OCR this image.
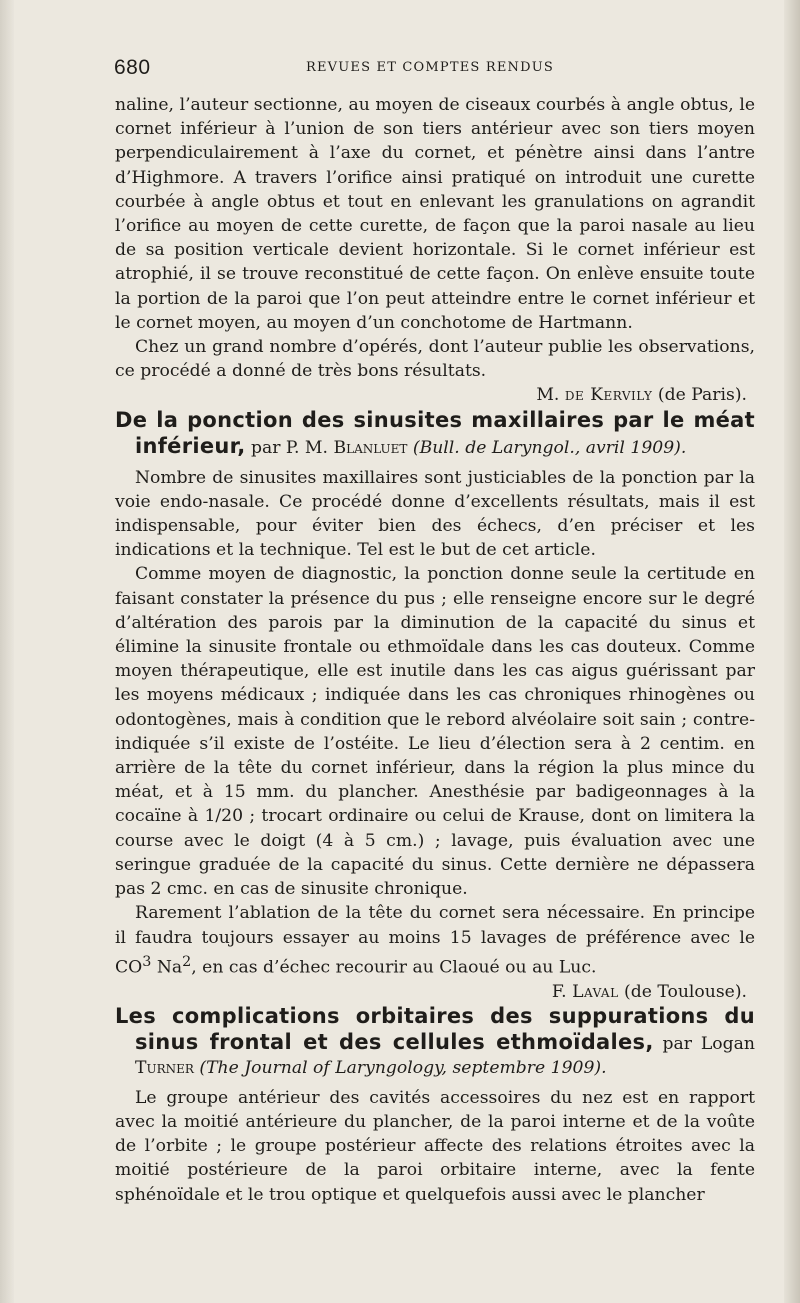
680	REVUES ET COMPTES RENDUS

naline, l’auteur sectionne, au moyen de ciseaux courbés à angle obtus, le cornet inférieur à l’union de son tiers antérieur avec son tiers moyen perpendiculairement à l’axe du cornet, et pénètre ainsi dans l’antre d’Highmore. A travers l’orifice ainsi pratiqué on introduit une curette courbée à angle obtus et tout en enlevant les granulations on agrandit l’orifice au moyen de cette curette, de façon que la paroi nasale au lieu de sa position verticale devient horizontale. Si le cornet inférieur est atrophié, il se trouve reconstitué de cette façon. On enlève ensuite toute la portion de la paroi que l’on peut atteindre entre le cornet inférieur et le cornet moyen, au moyen d’un conchotome de Hartmann.

Chez un grand nombre d’opérés, dont l’auteur publie les observations, ce procédé a donné de très bons résultats.

M. de Kervily (de Paris).

De la ponction des sinusites maxillaires par le méat inférieur, par P. M. Blanluet (Bull. de Laryngol., avril 1909).

Nombre de sinusites maxillaires sont justiciables de la ponction par la voie endo-nasale. Ce procédé donne d’excellents résultats, mais il est indispensable, pour éviter bien des échecs, d’en préciser et les indications et la technique. Tel est le but de cet article.

Comme moyen de diagnostic, la ponction donne seule la certitude en faisant constater la présence du pus ; elle renseigne encore sur le degré d’altération des parois par la diminution de la capacité du sinus et élimine la sinusite frontale ou ethmoïdale dans les cas douteux. Comme moyen thérapeutique, elle est inutile dans les cas aigus guérissant par les moyens médicaux ; indiquée dans les cas chroniques rhinogènes ou odontogènes, mais à condition que le rebord alvéolaire soit sain ; contre-indiquée s’il existe de l’ostéite. Le lieu d’élection sera à 2 centim. en arrière de la tête du cornet inférieur, dans la région la plus mince du méat, et à 15 mm. du plancher. Anesthésie par badigeonnages à la cocaïne à 1/20 ; trocart ordinaire ou celui de Krause, dont on limitera la course avec le doigt (4 à 5 cm.) ; lavage, puis évaluation avec une seringue graduée de la capacité du sinus. Cette dernière ne dépassera pas 2 cmc. en cas de sinusite chronique.

Rarement l’ablation de la tête du cornet sera nécessaire. En principe il faudra toujours essayer au moins 15 lavages de préférence avec le $CO^3$ Na$^2$, en cas d’échec recourir au Claoué ou au Luc.

F. Laval (de Toulouse).

Les complications orbitaires des suppurations du sinus frontal et des cellules ethmoïdales, par Logan Turner (The Journal of Laryngology, septembre 1909).

Le groupe antérieur des cavités accessoires du nez est en rapport avec la moitié antérieure du plancher, de la paroi interne et de la voûte de l’orbite ; le groupe postérieur affecte des relations étroites avec la moitié postérieure de la paroi orbitaire interne, avec la fente sphénoïdale et le trou optique et quelquefois aussi avec le plancher
